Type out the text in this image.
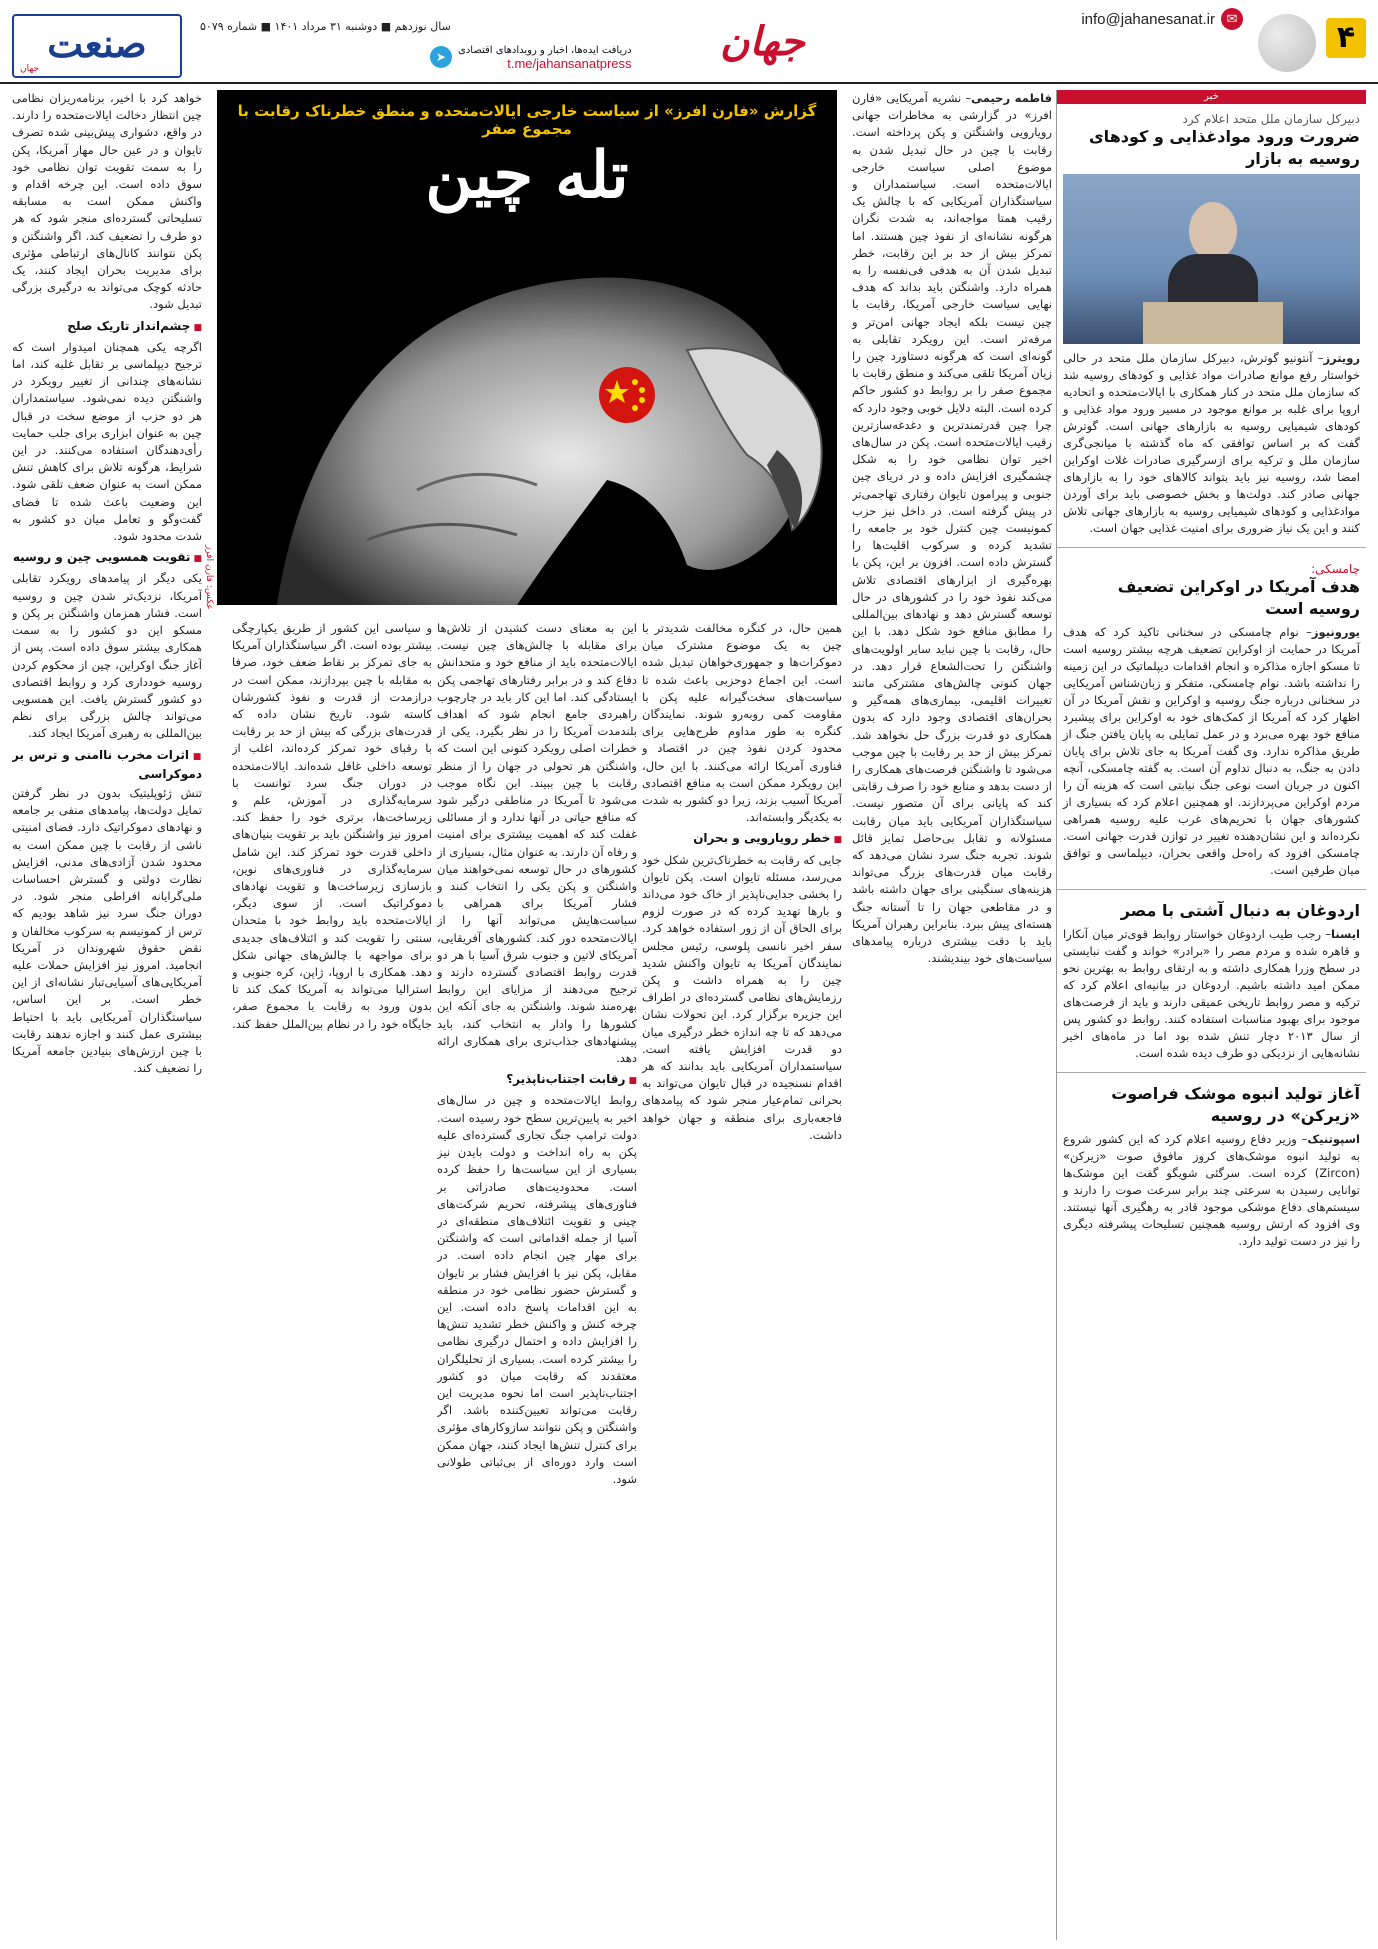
۴
info@jahanesanat.ir ✉
جهان
دریافت ایده‌ها، اخبار و رویدادهای اقتصادی
t.me/jahansanatpress
➤
سال نوزدهم ■ دوشنبه ۳۱ مرداد ۱۴۰۱ ■ شماره ۵۰۷۹
صنعت
جهان
خبر
دبیرکل سازمان ملل متحد اعلام کرد
ضرورت ورود موادغذایی و کودهای روسیه به بازار
رویترز– آنتونیو گوترش، دبیرکل سازمان ملل متحد در حالی خواستار رفع موانع صادرات مواد غذایی و کودهای روسیه شد که سازمان ملل متحد در کنار همکاری با ایالات‌متحده و اتحادیه اروپا برای غلبه بر موانع موجود در مسیر ورود مواد غذایی و کودهای شیمیایی روسیه به بازارهای جهانی است. گوترش گفت که بر اساس توافقی که ماه گذشته با میانجی‌گری سازمان ملل و ترکیه برای ازسرگیری صادرات غلات اوکراین امضا شد، روسیه نیز باید بتواند کالاهای خود را به بازارهای جهانی صادر کند. دولت‌ها و بخش خصوصی باید برای آوردن موادغذایی و کودهای شیمیایی روسیه به بازارهای جهانی تلاش کنند و این یک نیاز ضروری برای امنیت غذایی جهان است.
چامسکی:
هدف آمریکا در اوکراین تضعیف روسیه است
یورونیوز– نوام چامسکی در سخنانی تاکید کرد که هدف آمریکا در حمایت از اوکراین تضعیف هرچه بیشتر روسیه است تا مسکو اجازه مذاکره و انجام اقدامات دیپلماتیک در این زمینه را نداشته باشد. نوام چامسکی، متفکر و زبان‌شناس آمریکایی در سخنانی درباره جنگ روسیه و اوکراین و نقش آمریکا در آن اظهار کرد که آمریکا از کمک‌های خود به اوکراین برای پیشبرد منافع خود بهره می‌برد و در عمل تمایلی به پایان یافتن جنگ از طریق مذاکره ندارد. وی گفت آمریکا به جای تلاش برای پایان دادن به جنگ، به دنبال تداوم آن است. به گفته چامسکی، آنچه اکنون در جریان است نوعی جنگ نیابتی است که هزینه آن را مردم اوکراین می‌پردازند. او همچنین اعلام کرد که بسیاری از کشورهای جهان با تحریم‌های غرب علیه روسیه همراهی نکرده‌اند و این نشان‌دهنده تغییر در توازن قدرت جهانی است. چامسکی افزود که راه‌حل واقعی بحران، دیپلماسی و توافق میان طرفین است.
اردوغان به دنبال آشتی با مصر
ایسنا– رجب طیب اردوغان خواستار روابط قوی‌تر میان آنکارا و قاهره شده و مردم مصر را «برادر» خواند و گفت نبایستی در سطح وزرا همکاری داشته و به ارتقای روابط به بهترین نحو ممکن امید داشته باشیم. اردوغان در بیانیه‌ای اعلام کرد که ترکیه و مصر روابط تاریخی عمیقی دارند و باید از فرصت‌های موجود برای بهبود مناسبات استفاده کنند. روابط دو کشور پس از سال ۲۰۱۳ دچار تنش شده بود اما در ماه‌های اخیر نشانه‌هایی از نزدیکی دو طرف دیده شده است.
آغاز تولید انبوه موشک فراصوت «زیرکن» در روسیه
اسپوتنیک– وزیر دفاع روسیه اعلام کرد که این کشور شروع به تولید انبوه موشک‌های کروز مافوق صوت «زیرکن» (Zircon) کرده است. سرگئی شویگو گفت این موشک‌ها توانایی رسیدن به سرعتی چند برابر سرعت صوت را دارند و سیستم‌های دفاع موشکی موجود قادر به رهگیری آنها نیستند. وی افزود که ارتش روسیه همچنین تسلیحات پیشرفته دیگری را نیز در دست تولید دارد.
فاطمه رحیمی– نشریه آمریکایی «فارن افرز» در گزارشی به مخاطرات جهانی رویارویی واشنگتن و پکن پرداخته است. رقابت با چین در حال تبدیل شدن به موضوع اصلی سیاست خارجی ایالات‌متحده است. سیاستمداران و سیاستگذاران آمریکایی که با چالش یک رقیب همتا مواجه‌اند، به شدت نگران هرگونه نشانه‌ای از نفوذ چین هستند. اما تمرکز بیش از حد بر این رقابت، خطر تبدیل شدن آن به هدفی فی‌نفسه را به همراه دارد. واشنگتن باید بداند که هدف نهایی سیاست خارجی آمریکا، رقابت با چین نیست بلکه ایجاد جهانی امن‌تر و مرفه‌تر است. این رویکرد تقابلی به گونه‌ای است که هرگونه دستاورد چین را زیان آمریکا تلقی می‌کند و منطق رقابت با مجموع صفر را بر روابط دو کشور حاکم کرده است. البته دلایل خوبی وجود دارد که چرا چین قدرتمندترین و دغدغه‌ساز‌ترین رقیب ایالات‌متحده است. پکن در سال‌های اخیر توان نظامی خود را به شکل چشمگیری افزایش داده و در دریای چین جنوبی و پیرامون تایوان رفتاری تهاجمی‌تر در پیش گرفته است. در داخل نیز حزب کمونیست چین کنترل خود بر جامعه را تشدید کرده و سرکوب اقلیت‌ها را گسترش داده است. افزون بر این، پکن با بهره‌گیری از ابزارهای اقتصادی تلاش می‌کند نفوذ خود را در کشورهای در حال توسعه گسترش دهد و نهادهای بین‌المللی را مطابق منافع خود شکل دهد. با این حال، رقابت با چین نباید سایر اولویت‌های واشنگتن را تحت‌الشعاع قرار دهد. در جهان کنونی چالش‌های مشترکی مانند تغییرات اقلیمی، بیماری‌های همه‌گیر و بحران‌های اقتصادی وجود دارد که بدون همکاری دو قدرت بزرگ حل نخواهد شد. تمرکز بیش از حد بر رقابت با چین موجب می‌شود تا واشنگتن فرصت‌های همکاری را از دست بدهد و منابع خود را صرف رقابتی کند که پایانی برای آن متصور نیست. سیاستگذاران آمریکایی باید میان رقابت مسئولانه و تقابل بی‌حاصل تمایز قائل شوند. تجربه جنگ سرد نشان می‌دهد که رقابت میان قدرت‌های بزرگ می‌تواند هزینه‌های سنگینی برای جهان داشته باشد و در مقاطعی جهان را تا آستانه جنگ هسته‌ای پیش ببرد. بنابراین رهبران آمریکا باید با دقت بیشتری درباره پیامدهای سیاست‌های خود بیندیشند.
گزارش «فارن افرز» از سیاست خارجی ایالات‌متحده و منطق خطرناک رقابت با مجموع صفر
تله چین
عکس: فارن افرز
این به معنای دست کشیدن از تلاش‌ها برای مقابله با چالش‌های چین نیست. ایالات‌متحده باید از منافع خود و متحدانش دفاع کند و در برابر رفتارهای تهاجمی پکن ایستادگی کند. اما این کار باید در چارچوب راهبردی جامع انجام شود که اهداف بلندمدت آمریکا را در نظر بگیرد. یکی از خطرات اصلی رویکرد کنونی این است که واشنگتن هر تحولی در جهان را از منظر رقابت با چین ببیند. این نگاه موجب می‌شود تا آمریکا در مناطقی درگیر شود که منافع حیاتی در آنها ندارد و از مسائلی غفلت کند که اهمیت بیشتری برای امنیت و رفاه آن دارند. به عنوان مثال، بسیاری از کشورهای در حال توسعه نمی‌خواهند میان واشنگتن و پکن یکی را انتخاب کنند و فشار آمریکا برای همراهی با سیاست‌هایش می‌تواند آنها را از ایالات‌متحده دور کند. کشورهای آفریقایی، آمریکای لاتین و جنوب شرق آسیا با هر دو قدرت روابط اقتصادی گسترده دارند و ترجیح می‌دهند از مزایای این روابط بهره‌مند شوند. واشنگتن به جای آنکه این کشورها را وادار به انتخاب کند، باید پیشنهادهای جذاب‌تری برای همکاری ارائه دهد.
■ رقابت اجتناب‌ناپذیر؟
روابط ایالات‌متحده و چین در سال‌های اخیر به پایین‌ترین سطح خود رسیده است. دولت ترامپ جنگ تجاری گسترده‌ای علیه پکن به راه انداخت و دولت بایدن نیز بسیاری از این سیاست‌ها را حفظ کرده است. محدودیت‌های صادراتی بر فناوری‌های پیشرفته، تحریم شرکت‌های چینی و تقویت ائتلاف‌های منطقه‌ای در آسیا از جمله اقداماتی است که واشنگتن برای مهار چین انجام داده است. در مقابل، پکن نیز با افزایش فشار بر تایوان و گسترش حضور نظامی خود در منطقه به این اقدامات پاسخ داده است. این چرخه کنش و واکنش خطر تشدید تنش‌ها را افزایش داده و احتمال درگیری نظامی را بیشتر کرده است. بسیاری از تحلیلگران معتقدند که رقابت میان دو کشور اجتناب‌ناپذیر است اما نحوه مدیریت این رقابت می‌تواند تعیین‌کننده باشد. اگر واشنگتن و پکن نتوانند سازوکارهای مؤثری برای کنترل تنش‌ها ایجاد کنند، جهان ممکن است وارد دوره‌ای از بی‌ثباتی طولانی شود.
و سیاسی این کشور از طریق یکپارچگی بیشتر بوده است. اگر سیاستگذاران آمریکا به جای تمرکز بر نقاط ضعف خود، صرفا به مقابله با چین بپردازند، ممکن است در درازمدت از قدرت و نفوذ کشورشان کاسته شود. تاریخ نشان داده که قدرت‌های بزرگی که بیش از حد بر رقابت با رقبای خود تمرکز کرده‌اند، اغلب از توسعه داخلی غافل شده‌اند. ایالات‌متحده در دوران جنگ سرد توانست با سرمایه‌گذاری در آموزش، علم و زیرساخت‌ها، برتری خود را حفظ کند. امروز نیز واشنگتن باید بر تقویت بنیان‌های داخلی قدرت خود تمرکز کند. این شامل سرمایه‌گذاری در فناوری‌های نوین، بازسازی زیرساخت‌ها و تقویت نهادهای دموکراتیک است. از سوی دیگر، ایالات‌متحده باید روابط خود با متحدان سنتی را تقویت کند و ائتلاف‌های جدیدی برای مواجهه با چالش‌های جهانی شکل دهد. همکاری با اروپا، ژاپن، کره جنوبی و استرالیا می‌تواند به آمریکا کمک کند تا بدون ورود به رقابت با مجموع صفر، جایگاه خود را در نظام بین‌الملل حفظ کند.
همین حال، در کنگره مخالفت شدیدتر با چین به یک موضوع مشترک میان دموکرات‌ها و جمهوری‌خواهان تبدیل شده است. این اجماع دوحزبی باعث شده تا سیاست‌های سخت‌گیرانه علیه پکن با مقاومت کمی روبه‌رو شوند. نمایندگان کنگره به طور مداوم طرح‌هایی برای محدود کردن نفوذ چین در اقتصاد و فناوری آمریکا ارائه می‌کنند. با این حال، این رویکرد ممکن است به منافع اقتصادی آمریکا آسیب بزند، زیرا دو کشور به شدت به یکدیگر وابسته‌اند.
■ خطر رویارویی و بحران
جایی که رقابت به خطرناک‌ترین شکل خود می‌رسد، مسئله تایوان است. پکن تایوان را بخشی جدایی‌ناپذیر از خاک خود می‌داند و بارها تهدید کرده که در صورت لزوم برای الحاق آن از زور استفاده خواهد کرد. سفر اخیر نانسی پلوسی، رئیس مجلس نمایندگان آمریکا به تایوان واکنش شدید چین را به همراه داشت و پکن رزمایش‌های نظامی گسترده‌ای در اطراف این جزیره برگزار کرد. این تحولات نشان می‌دهد که تا چه اندازه خطر درگیری میان دو قدرت افزایش یافته است. سیاستمداران آمریکایی باید بدانند که هر اقدام نسنجیده در قبال تایوان می‌تواند به بحرانی تمام‌عیار منجر شود که پیامدهای فاجعه‌باری برای منطقه و جهان خواهد داشت.
خواهد کرد با اخیر، برنامه‌ریزان نظامی چین انتظار دخالت ایالات‌متحده را دارند. در واقع، دشواری پیش‌بینی شده تصرف تایوان و در عین حال مهار آمریکا، پکن را به سمت تقویت توان نظامی خود سوق داده است. این چرخه اقدام و واکنش ممکن است به مسابقه تسلیحاتی گسترده‌ای منجر شود که هر دو طرف را تضعیف کند. اگر واشنگتن و پکن نتوانند کانال‌های ارتباطی مؤثری برای مدیریت بحران ایجاد کنند، یک حادثه کوچک می‌تواند به درگیری بزرگی تبدیل شود.
■ چشم‌انداز تاریک صلح
اگرچه یکی همچنان امیدوار است که ترجیح دیپلماسی بر تقابل غلبه کند، اما نشانه‌های چندانی از تغییر رویکرد در واشنگتن دیده نمی‌شود. سیاستمداران هر دو حزب از موضع سخت در قبال چین به عنوان ابزاری برای جلب حمایت رأی‌دهندگان استفاده می‌کنند. در این شرایط، هرگونه تلاش برای کاهش تنش ممکن است به عنوان ضعف تلقی شود. این وضعیت باعث شده تا فضای گفت‌وگو و تعامل میان دو کشور به شدت محدود شود.
■ تقویت همسویی چین و روسیه
یکی دیگر از پیامدهای رویکرد تقابلی آمریکا، نزدیک‌تر شدن چین و روسیه است. فشار همزمان واشنگتن بر پکن و مسکو این دو کشور را به سمت همکاری بیشتر سوق داده است. پس از آغاز جنگ اوکراین، چین از محکوم کردن روسیه خودداری کرد و روابط اقتصادی دو کشور گسترش یافت. این همسویی می‌تواند چالش بزرگی برای نظم بین‌المللی به رهبری آمریکا ایجاد کند.
■ اثرات مخرب ناامنی و ترس بر دموکراسی
تنش ژئوپلیتیک بدون در نظر گرفتن تمایل دولت‌ها، پیامدهای منفی بر جامعه و نهادهای دموکراتیک دارد. فضای امنیتی ناشی از رقابت با چین ممکن است به محدود شدن آزادی‌های مدنی، افزایش نظارت دولتی و گسترش احساسات ملی‌گرایانه افراطی منجر شود. در دوران جنگ سرد نیز شاهد بودیم که ترس از کمونیسم به سرکوب مخالفان و نقض حقوق شهروندان در آمریکا انجامید. امروز نیز افزایش حملات علیه آمریکایی‌های آسیایی‌تبار نشانه‌ای از این خطر است. بر این اساس، سیاستگذاران آمریکایی باید با احتیاط بیشتری عمل کنند و اجازه ندهند رقابت با چین ارزش‌های بنیادین جامعه آمریکا را تضعیف کند.
